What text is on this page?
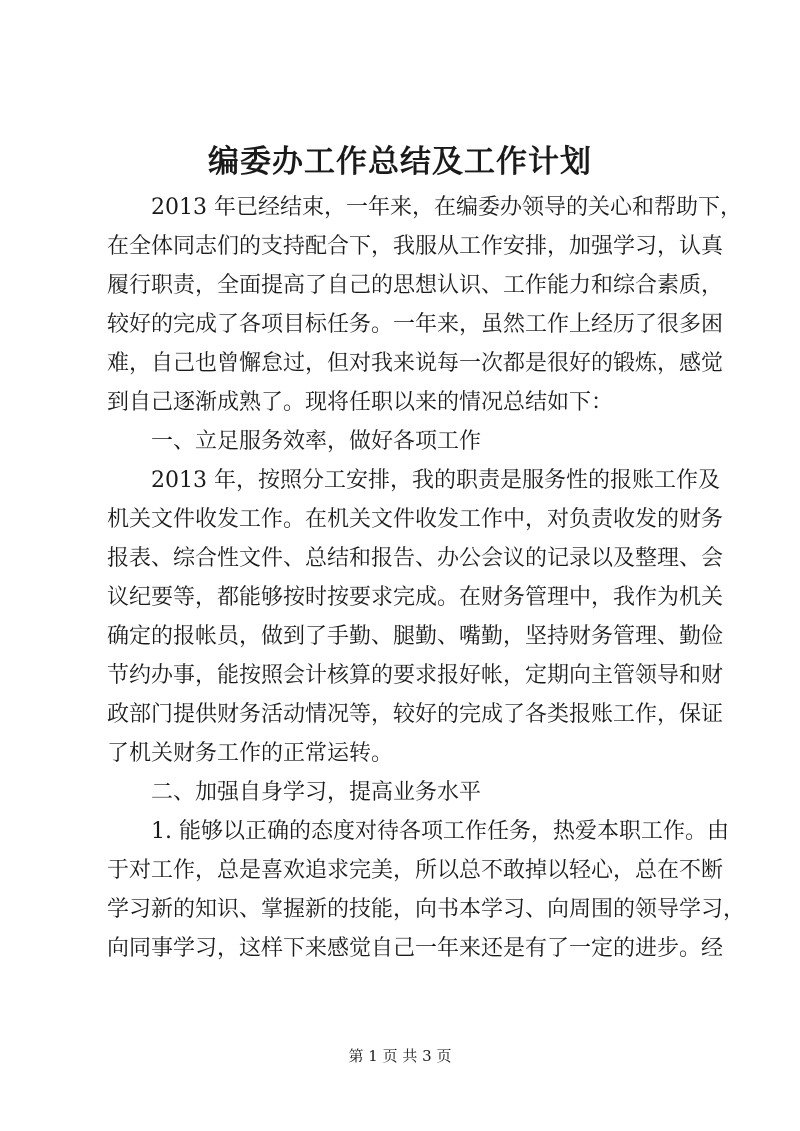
编委办工作总结及工作计划
2013 年已经结束，一年来，在编委办领导的关心和帮助下，
在全体同志们的支持配合下，我服从工作安排，加强学习，认真
履行职责，全面提高了自己的思想认识、工作能力和综合素质，
较好的完成了各项目标任务。一年来，虽然工作上经历了很多困
难，自己也曾懈怠过，但对我来说每一次都是很好的锻炼，感觉
到自己逐渐成熟了。现将任职以来的情况总结如下：
一、立足服务效率，做好各项工作
2013 年，按照分工安排，我的职责是服务性的报账工作及
机关文件收发工作。在机关文件收发工作中，对负责收发的财务
报表、综合性文件、总结和报告、办公会议的记录以及整理、会
议纪要等，都能够按时按要求完成。在财务管理中，我作为机关
确定的报帐员，做到了手勤、腿勤、嘴勤，坚持财务管理、勤俭
节约办事，能按照会计核算的要求报好帐，定期向主管领导和财
政部门提供财务活动情况等，较好的完成了各类报账工作，保证
了机关财务工作的正常运转。
二、加强自身学习，提高业务水平
1. 能够以正确的态度对待各项工作任务，热爱本职工作。由
于对工作，总是喜欢追求完美，所以总不敢掉以轻心，总在不断
学习新的知识、掌握新的技能，向书本学习、向周围的领导学习，
向同事学习，这样下来感觉自己一年来还是有了一定的进步。经
第 1 页 共 3 页
